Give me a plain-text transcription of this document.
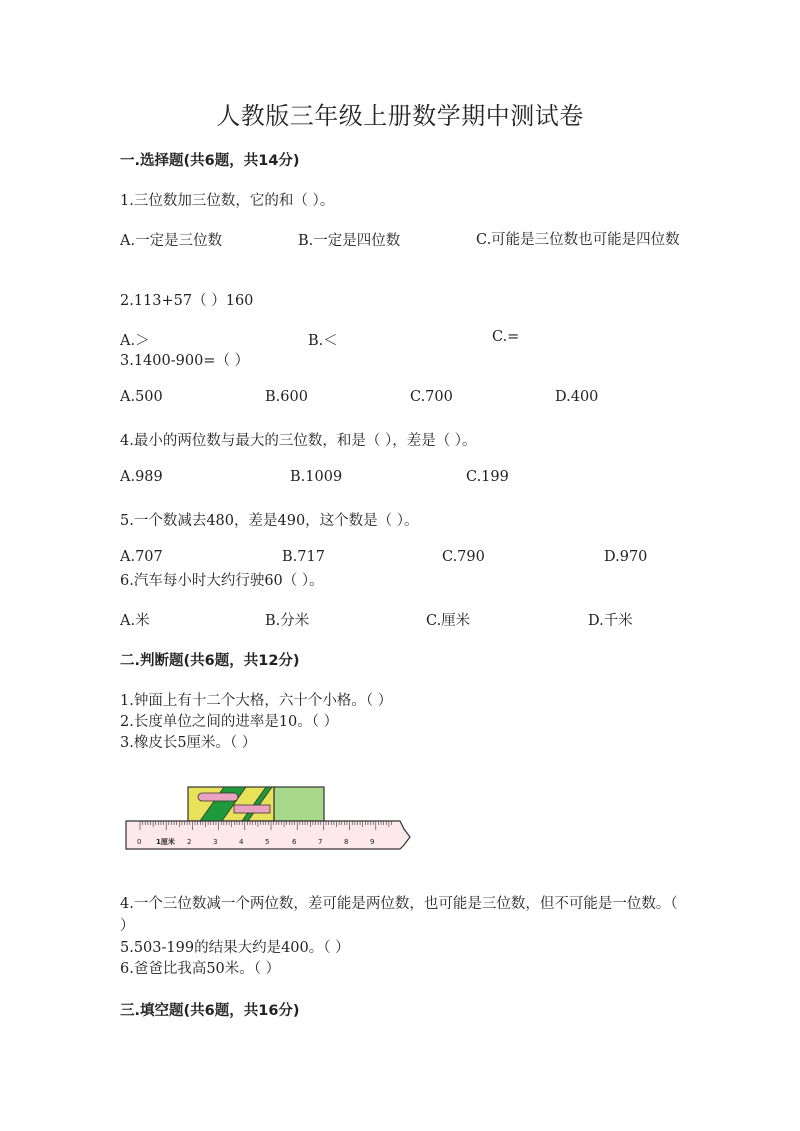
人教版三年级上册数学期中测试卷
一.选择题(共6题，共14分)
1.三位数加三位数，它的和（ ）。
A.一定是三位数	B.一定是四位数	C.可能是三位数也可能是四位数
2.113+57（ ）160
A.＞	B.＜	C.=
3.1400-900=（ ）
A.500	B.600	C.700	D.400
4.最小的两位数与最大的三位数，和是（ ），差是（ ）。
A.989	B.1009	C.199
5.一个数减去480，差是490，这个数是（ ）。
A.707	B.717	C.790	D.970
6.汽车每小时大约行驶60（ ）。
A.米	B.分米	C.厘米	D.千米
二.判断题(共6题，共12分)
1.钟面上有十二个大格，六十个小格。（ ）
2.长度单位之间的进率是10。（ ）
3.橡皮长5厘米。（ ）
0 1厘米 2	3	4	5	6	7	8	9
4.一个三位数减一个两位数，差可能是两位数，也可能是三位数，但不可能是一位数。（ ）
5.503-199的结果大约是400。（ ）
6.爸爸比我高50米。（ ）
三.填空题(共6题，共16分)
